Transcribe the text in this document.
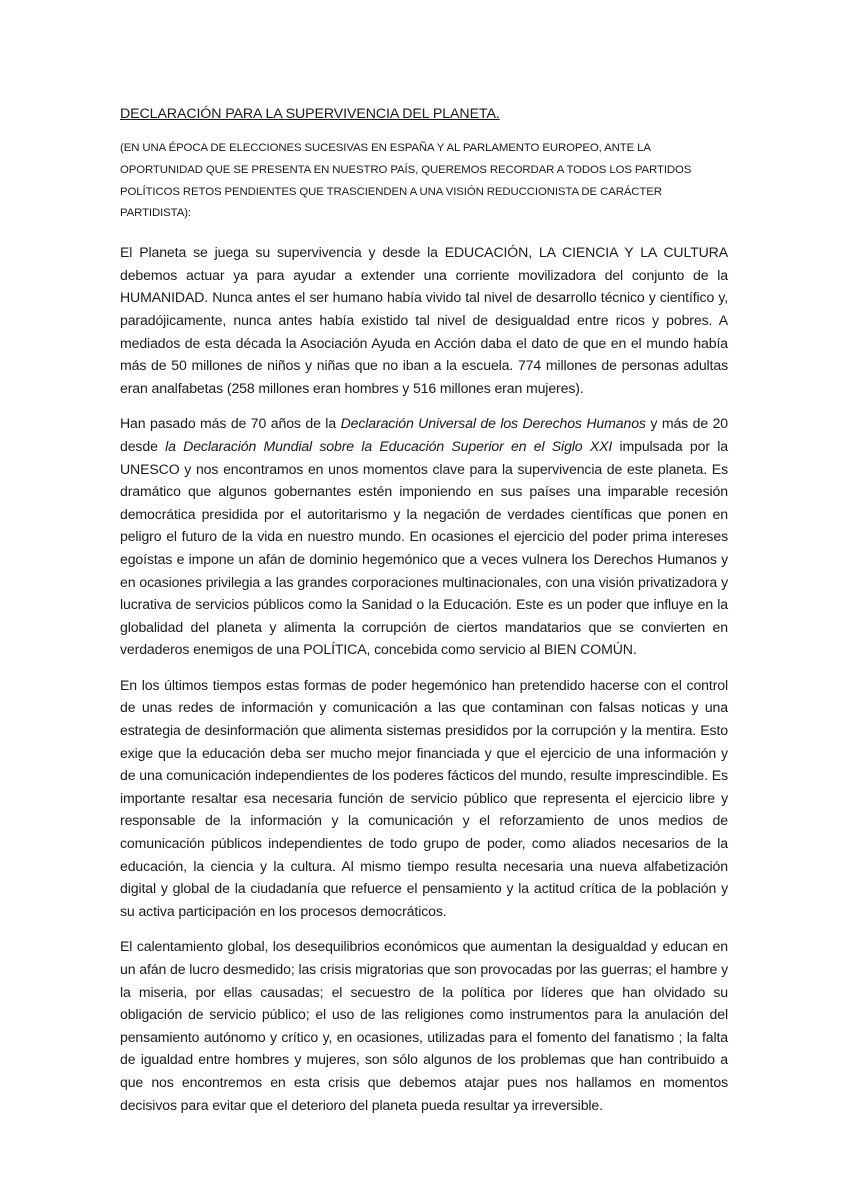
DECLARACIÓN PARA LA SUPERVIVENCIA DEL PLANETA.

(EN UNA ÉPOCA DE ELECCIONES SUCESIVAS EN ESPAÑA Y AL PARLAMENTO EUROPEO, ANTE LA OPORTUNIDAD QUE SE PRESENTA EN NUESTRO PAÍS, QUEREMOS RECORDAR A TODOS LOS PARTIDOS POLÍTICOS RETOS PENDIENTES QUE TRASCIENDEN A UNA VISIÓN REDUCCIONISTA DE CARÁCTER PARTIDISTA):

El Planeta se juega su supervivencia y desde la EDUCACIÓN, LA CIENCIA Y LA CULTURA debemos actuar ya para ayudar a extender una corriente movilizadora del conjunto de la HUMANIDAD. Nunca antes el ser humano había vivido tal nivel de desarrollo técnico y científico y, paradójicamente, nunca antes había existido tal nivel de desigualdad entre ricos y pobres. A mediados de esta década la Asociación Ayuda en Acción daba el dato de que en el mundo había más de 50 millones de niños y niñas que no iban a la escuela. 774 millones de personas adultas eran analfabetas (258 millones eran hombres y 516 millones eran mujeres).

Han pasado más de 70 años de la Declaración Universal de los Derechos Humanos y más de 20 desde la Declaración Mundial sobre la Educación Superior en el Siglo XXI impulsada por la UNESCO y nos encontramos en unos momentos clave para la supervivencia de este planeta. Es dramático que algunos gobernantes estén imponiendo en sus países una imparable recesión democrática presidida por el autoritarismo y la negación de verdades científicas que ponen en peligro el futuro de la vida en nuestro mundo. En ocasiones el ejercicio del poder prima intereses egoístas e impone un afán de dominio hegemónico que a veces vulnera los Derechos Humanos y en ocasiones privilegia a las grandes corporaciones multinacionales, con una visión privatizadora y lucrativa de servicios públicos como la Sanidad o la Educación. Este es un poder que influye en la globalidad del planeta y alimenta la corrupción de ciertos mandatarios que se convierten en verdaderos enemigos de una POLÍTICA, concebida como servicio al BIEN COMÚN.

En los últimos tiempos estas formas de poder hegemónico han pretendido hacerse con el control de unas redes de información y comunicación a las que contaminan con falsas noticas y una estrategia de desinformación que alimenta sistemas presididos por la corrupción y la mentira. Esto exige que la educación deba ser mucho mejor financiada y que el ejercicio de una información y de una comunicación independientes de los poderes fácticos del mundo, resulte imprescindible. Es importante resaltar esa necesaria función de servicio público que representa el ejercicio libre y responsable de la información y la comunicación y el reforzamiento de unos medios de comunicación públicos independientes de todo grupo de poder, como aliados necesarios de la educación, la ciencia y la cultura. Al mismo tiempo resulta necesaria una nueva alfabetización digital y global de la ciudadanía que refuerce el pensamiento y la actitud crítica de la población y su activa participación en los procesos democráticos.

El calentamiento global, los desequilibrios económicos que aumentan la desigualdad y educan en un afán de lucro desmedido; las crisis migratorias que son provocadas por las guerras; el hambre y la miseria, por ellas causadas; el secuestro de la política por líderes que han olvidado su obligación de servicio público; el uso de las religiones como instrumentos para la anulación del pensamiento autónomo y crítico y, en ocasiones, utilizadas para el fomento del fanatismo ; la falta de igualdad entre hombres y mujeres, son sólo algunos de los problemas que han contribuido a que nos encontremos en esta crisis que debemos atajar pues nos hallamos en momentos decisivos para evitar que el deterioro del planeta pueda resultar ya irreversible.
